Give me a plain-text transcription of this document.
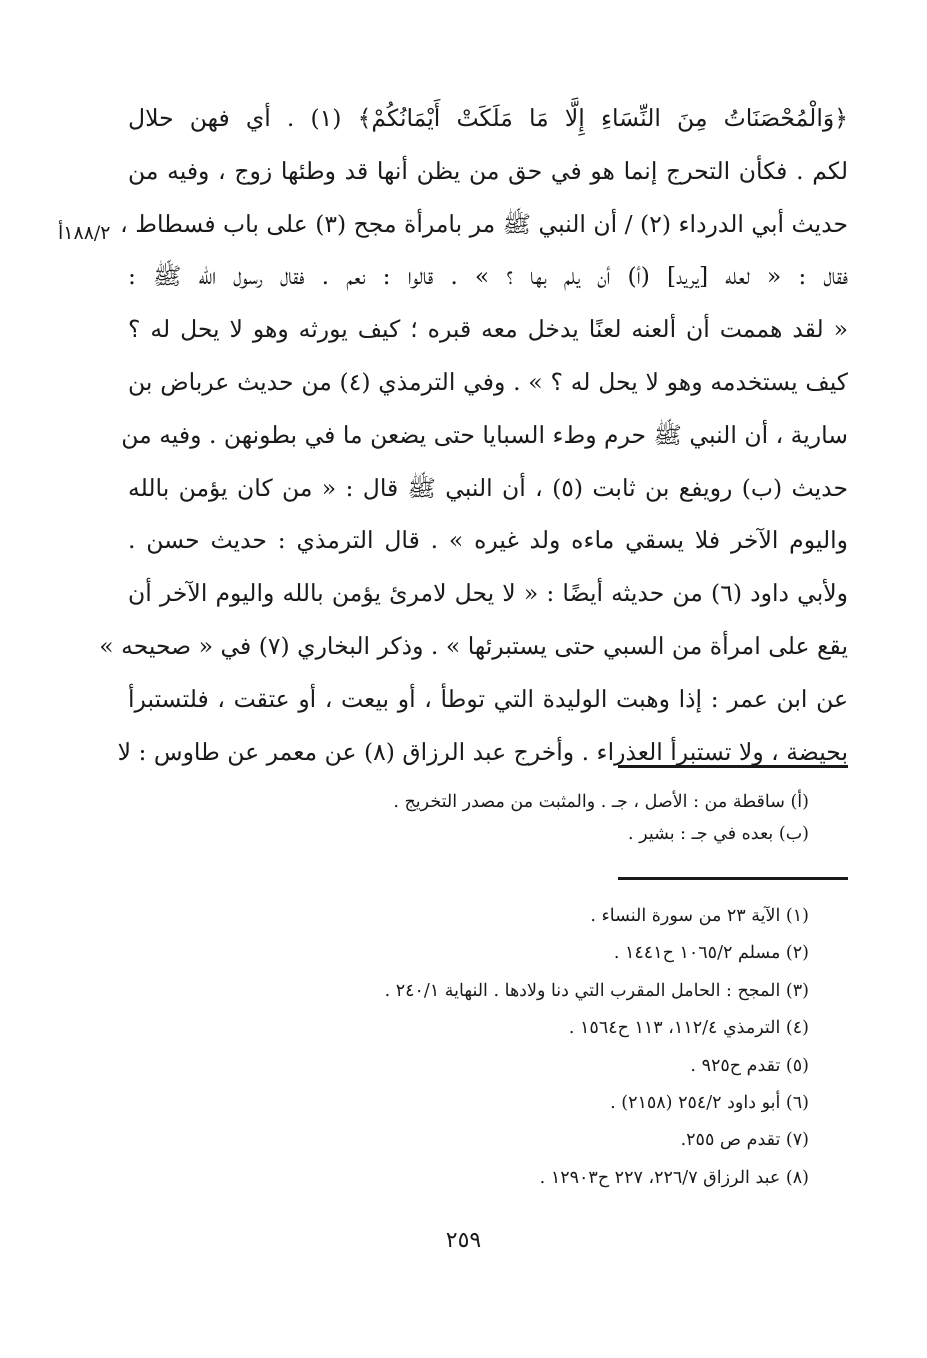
﴿وَالْمُحْصَنَاتُ مِنَ النِّسَاءِ إِلَّا مَا مَلَكَتْ أَيْمَانُكُمْ﴾ (١) . أي فهن حلال
لكم . فكأن التحرج إنما هو في حق من يظن أنها قد وطئها زوج ، وفيه من
حديث أبي الدرداء (٢) / أن النبي ﷺ مر بامرأة مجح (٣) على باب فسطاط ،
فقال : « لعله [يريد] (أ) أن يلم بها ؟ » . قالوا : نعم . فقال رسول الله ﷺ :
« لقد هممت أن ألعنه لعنًا يدخل معه قبره ؛ كيف يورثه وهو لا يحل له ؟
كيف يستخدمه وهو لا يحل له ؟ » . وفي الترمذي (٤) من حديث عرباض بن
سارية ، أن النبي ﷺ حرم وطء السبايا حتى يضعن ما في بطونهن . وفيه من
حديث (ب) رويفع بن ثابت (٥) ، أن النبي ﷺ قال : « من كان يؤمن بالله
واليوم الآخر فلا يسقي ماءه ولد غيره » . قال الترمذي : حديث حسن .
ولأبي داود (٦) من حديثه أيضًا : « لا يحل لامرئ يؤمن بالله واليوم الآخر أن
يقع على امرأة من السبي حتى يستبرئها » . وذكر البخاري (٧) في « صحيحه »
عن ابن عمر : إذا وهبت الوليدة التي توطأ ، أو بيعت ، أو عتقت ، فلتستبرأ
بحيضة ، ولا تستبرأ العذراء . وأخرج عبد الرزاق (٨) عن معمر عن طاوس : لا
١٨٨/٢أ
(أ) ساقطة من : الأصل ، جـ . والمثبت من مصدر التخريج .
(ب) بعده في جـ : بشير .
(١) الآية ٢٣ من سورة النساء .
(٢) مسلم ١٠٦٥/٢ ح١٤٤١ .
(٣) المجح : الحامل المقرب التي دنا ولادها . النهاية ٢٤٠/١ .
(٤) الترمذي ١١٢/٤، ١١٣ ح١٥٦٤ .
(٥) تقدم ح٩٢٥ .
(٦) أبو داود ٢٥٤/٢ (٢١٥٨) .
(٧) تقدم ص ٢٥٥.
(٨) عبد الرزاق ٢٢٦/٧، ٢٢٧ ح١٢٩٠٣ .
٢٥٩
